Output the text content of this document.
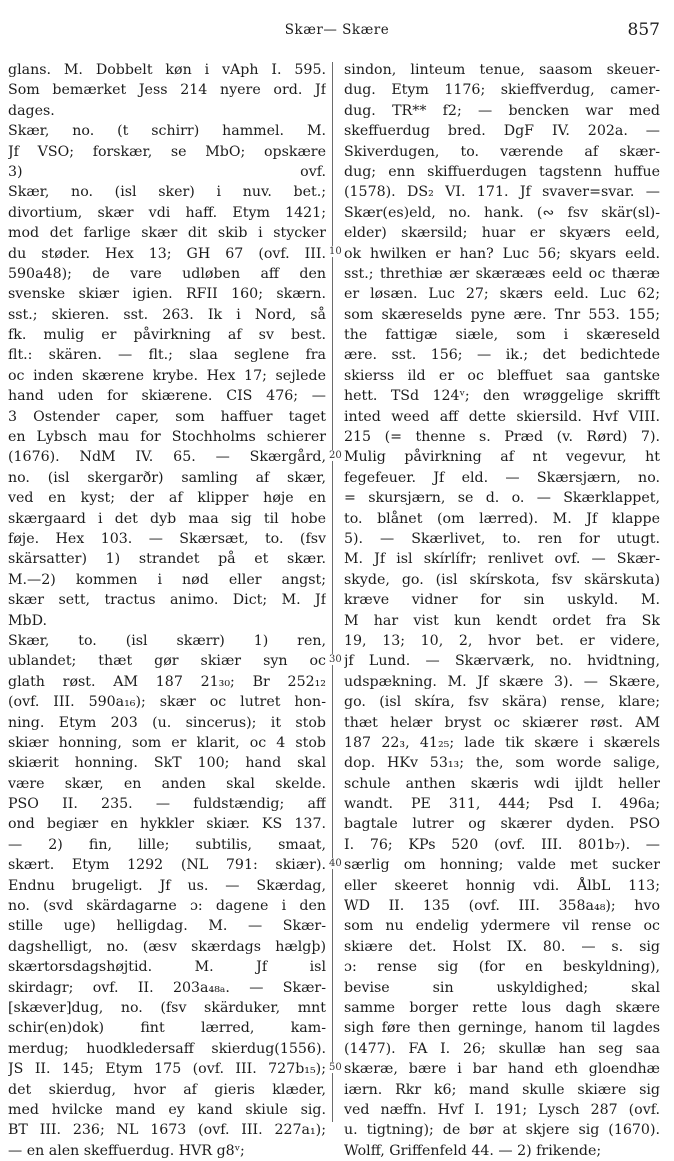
Skær— Skære	857
glans. M. Dobbelt køn i vAph I. 595.
Som bemærket Jess 214 nyere ord. Jf
dages.
Skær, no. (t schirr) hammel. M.
Jf VSO; forskær, se MbO; opskære
3) ovf.
Skær, no. (isl sker) i nuv. bet.;
divortium, skær vdi haff. Etym 1421;
mod det farlige skær dit skib i stycker
du støder. Hex 13; GH 67 (ovf. III.
590a48); de vare udløben aff den
svenske skiær igien. RFII 160; skærn.
sst.; skieren. sst. 263. Ik i Nord, så
fk. mulig er påvirkning af sv best.
flt.: skären. — flt.; slaa seglene fra
oc inden skærene krybe. Hex 17; sejlede
hand uden for skiærene. CIS 476; —
3 Ostender caper, som haffuer taget
en Lybsch mau for Stochholms schierer
(1676). NdM IV. 65. — Skærgård,
no. (isl skergarðr) samling af skær,
ved en kyst; der af klipper høje en
skærgaard i det dyb maa sig til hobe
føje. Hex 103. — Skærsæt, to. (fsv
skärsatter) 1) strandet på et skær.
M.—2) kommen i nød eller angst;
skær sett, tractus animo. Dict; M. Jf
MbD.
Skær, to. (isl skærr) 1) ren,
ublandet; thæt gør skiær syn oc
glath røst. AM 187 21₃₀; Br 252₁₂
(ovf. III. 590a₁₆); skær oc lutret hon-
ning. Etym 203 (u. sincerus); it stob
skiær honning, som er klarit, oc 4 stob
skiærit honning. SkT 100; hand skal
være skær, en anden skal skelde.
PSO II. 235. — fuldstændig; aff
ond begiær en hykkler skiær. KS 137.
— 2) fin, lille; subtilis, smaat,
skært. Etym 1292 (NL 791: skiær).
Endnu brugeligt. Jf us. — Skærdag,
no. (svd skärdagarne ɔ: dagene i den
stille uge) helligdag. M. — Skær-
dagshelligt, no. (æsv skærdags hælgþ)
skærtorsdagshøjtid. M. Jf isl
skirdagr; ovf. II. 203a₄₈ₐ. — Skær-
[skæver]dug, no. (fsv skärduker, mnt
schir(en)dok) fint lærred, kam-
merdug; huodkledersaff skierdug(1556).
JS II. 145; Etym 175 (ovf. III. 727b₁₅);
det skierdug, hvor af gieris klæder,
med hvilcke mand ey kand skiule sig.
BT III. 236; NL 1673 (ovf. III. 227a₁);
— en alen skeffuerdug. HVR g8ᵛ;
sindon, linteum tenue, saasom skeuer-
dug. Etym 1176; skieffverdug, camer-
dug. TR** f2; — bencken war med
skeffuerdug bred. DgF IV. 202a. —
Skiverdugen, to. værende af skær-
dug; enn skiffuerdugen tagstenn huffue
(1578). DS₂ VI. 171. Jf svaver=svar. —
Skær(es)eld, no. hank. (∾ fsv skär(sl)-
elder) skærsild; huar er skyærs eeld,
ok hwilken er han? Luc 56; skyars eeld.
sst.; threthiæ ær skærææs eeld oc thæræ
er løsæn. Luc 27; skærs eeld. Luc 62;
som skæreselds pyne ære. Tnr 553. 155;
the fattigæ siæle, som i skæreseld
ære. sst. 156; — ik.; det bedichtede
skierss ild er oc bleffuet saa gantske
hett. TSd 124ᵛ; den wrøggelige skrifft
inted weed aff dette skiersild. Hvf VIII.
215 (= thenne s. Præd (v. Rørd) 7).
Mulig påvirkning af nt vegevur, ht
fegefeuer. Jf eld. — Skærsjærn, no.
= skursjærn, se d. o. — Skærklappet,
to. blånet (om lærred). M. Jf klappe
5). — Skærlivet, to. ren for utugt.
M. Jf isl skírlífr; renlivet ovf. — Skær-
skyde, go. (isl skírskota, fsv skärskuta)
kræve vidner for sin uskyld. M.
M har vist kun kendt ordet fra Sk
19, 13; 10, 2, hvor bet. er videre,
jf Lund. — Skærværk, no. hvidtning,
udspækning. M. Jf skære 3). — Skære,
go. (isl skíra, fsv skära) rense, klare;
thæt helær bryst oc skiærer røst. AM
187 22₃, 41₂₅; lade tik skære i skærels
dop. HKv 53₁₃; the, som worde salige,
schule anthen skæris wdi ijldt heller
wandt. PE 311, 444; Psd I. 496a;
bagtale lutrer og skærer dyden. PSO
I. 76; KPs 520 (ovf. III. 801b₇). —
særlig om honning; valde met sucker
eller skeeret honnig vdi. ÅlbL 113;
WD II. 135 (ovf. III. 358a₄₈); hvo
som nu endelig ydermere vil rense oc
skiære det. Holst IX. 80. — s. sig
ɔ: rense sig (for en beskyldning),
bevise sin uskyldighed; skal
samme borger rette lous dagh skære
sigh føre then gerninge, hanom til lagdes
(1477). FA I. 26; skullæ han seg saa
skæræ, bære i bar hand eth gloendhæ
iærn. Rkr k6; mand skulle skiære sig
ved næffn. Hvf I. 191; Lysch 287 (ovf.
u. tigtning); de bør at skjere sig (1670).
Wolff, Griffenfeld 44. — 2) frikende;
10
20
30
40
50
